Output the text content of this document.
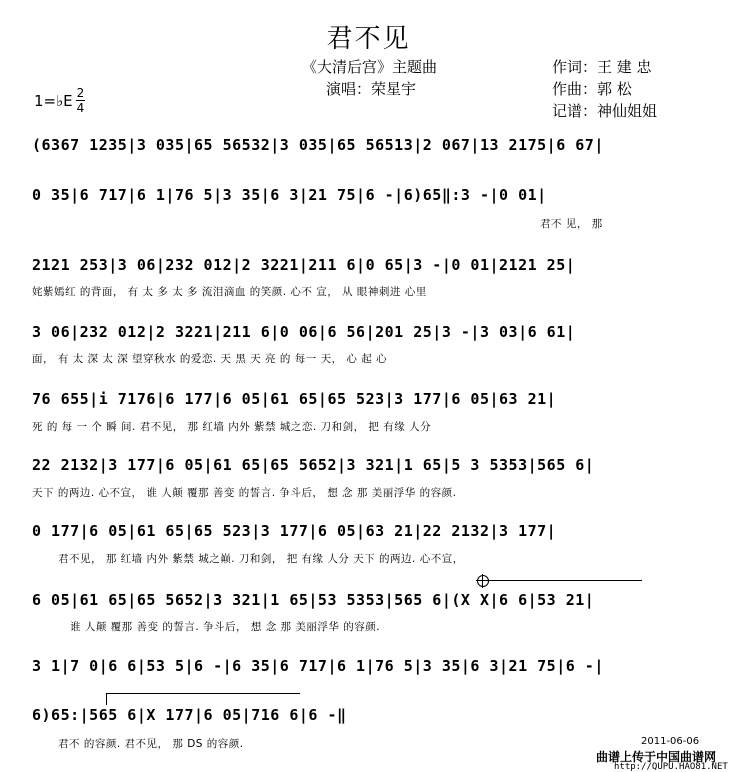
君不见
《大清后宫》主题曲
演唱：荣星宇
1=♭E 2
4
作词：王 建 忠
作曲：郭 松
记谱：神仙姐姐
(6367 1235|3 035|65 56532|3 035|65 56513|2 067|13 2175|6 67|
0 35|6 717|6 1|76 5|3 35|6 3|21 75|6 -|6)65‖:3 -|0 01|
君不 见， 那
2121 253|3 06|232 012|2 3221|211 6|0 65|3 -|0 01|2121 25|
姹紫嫣红 的背面， 有 太 多 太 多 流泪滴血 的笑颜. 心不 宣， 从 眼神刺进 心里
3 06|232 012|2 3221|211 6|0 06|6 56|201 25|3 -|3 03|6 61|
面， 有 太 深 太 深 望穿秋水 的爱恋. 天 黑 天 亮 的 每一 天， 心 起 心
76 655|i 7176|6 177|6 05|61 65|65 523|3 177|6 05|63 21|
死 的 每 一 个 瞬 间. 君不见， 那 红墙 内外 紫禁 城之恋. 刀和剑， 把 有缘 人分
22 2132|3 177|6 05|61 65|65 5652|3 321|1 65|5 3 5353|565 6|
天下 的两边. 心不宣， 谁 人颠 覆那 善变 的誓言. 争斗后， 想 念 那 美丽浮华 的容颜.
0 177|6 05|61 65|65 523|3 177|6 05|63 21|22 2132|3 177|
君不见， 那 红墙 内外 紫禁 城之巅. 刀和剑， 把 有缘 人分 天下 的两边. 心不宣，
6 05|61 65|65 5652|3 321|1 65|53 5353|565 6|(X X|6 6|53 21|
谁 人颠 覆那 善变 的誓言. 争斗后， 想 念 那 美丽浮华 的容颜.
3 1|7 0|6 6|53 5|6 -|6 35|6 717|6 1|76 5|3 35|6 3|21 75|6 -|
6)65:|565 6|X 177|6 05|716 6|6 -‖
君不 的容颜. 君不见， 那 DS 的容颜.	2011-06-06
曲谱上传于中国曲谱网
http://QUPU.HAO81.NET
